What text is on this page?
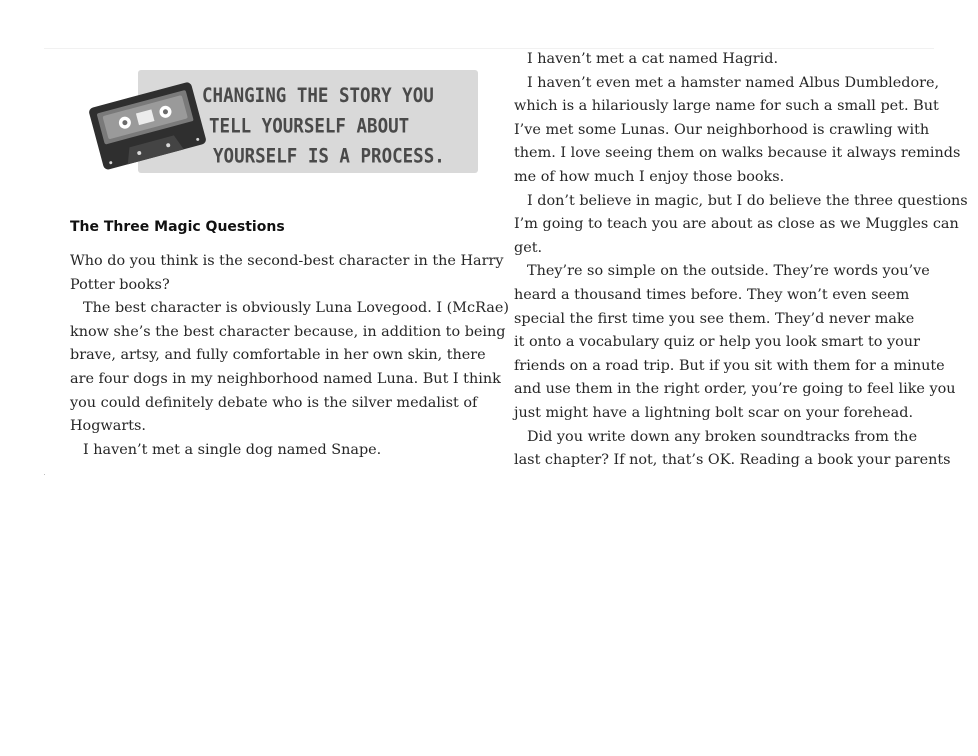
CHANGING THE STORY YOU
TELL YOURSELF ABOUT
YOURSELF IS A PROCESS.
The Three Magic Questions
Who do you think is the second-best character in the Harry
Potter books?
The best character is obviously Luna Lovegood. I (McRae)
know she’s the best character because, in addition to being
brave, artsy, and fully comfortable in her own skin, there
are four dogs in my neighborhood named Luna. But I think
you could definitely debate who is the silver medalist of
Hogwarts.
I haven’t met a single dog named Snape.
I haven’t met a cat named Hagrid.
I haven’t even met a hamster named Albus Dumbledore,
which is a hilariously large name for such a small pet. But
I’ve met some Lunas. Our neighborhood is crawling with
them. I love seeing them on walks because it always reminds
me of how much I enjoy those books.
I don’t believe in magic, but I do believe the three questions
I’m going to teach you are about as close as we Muggles can
get.
They’re so simple on the outside. They’re words you’ve
heard a thousand times before. They won’t even seem
special the first time you see them. They’d never make
it onto a vocabulary quiz or help you look smart to your
friends on a road trip. But if you sit with them for a minute
and use them in the right order, you’re going to feel like you
just might have a lightning bolt scar on your forehead.
Did you write down any broken soundtracks from the
last chapter? If not, that’s OK. Reading a book your parents
